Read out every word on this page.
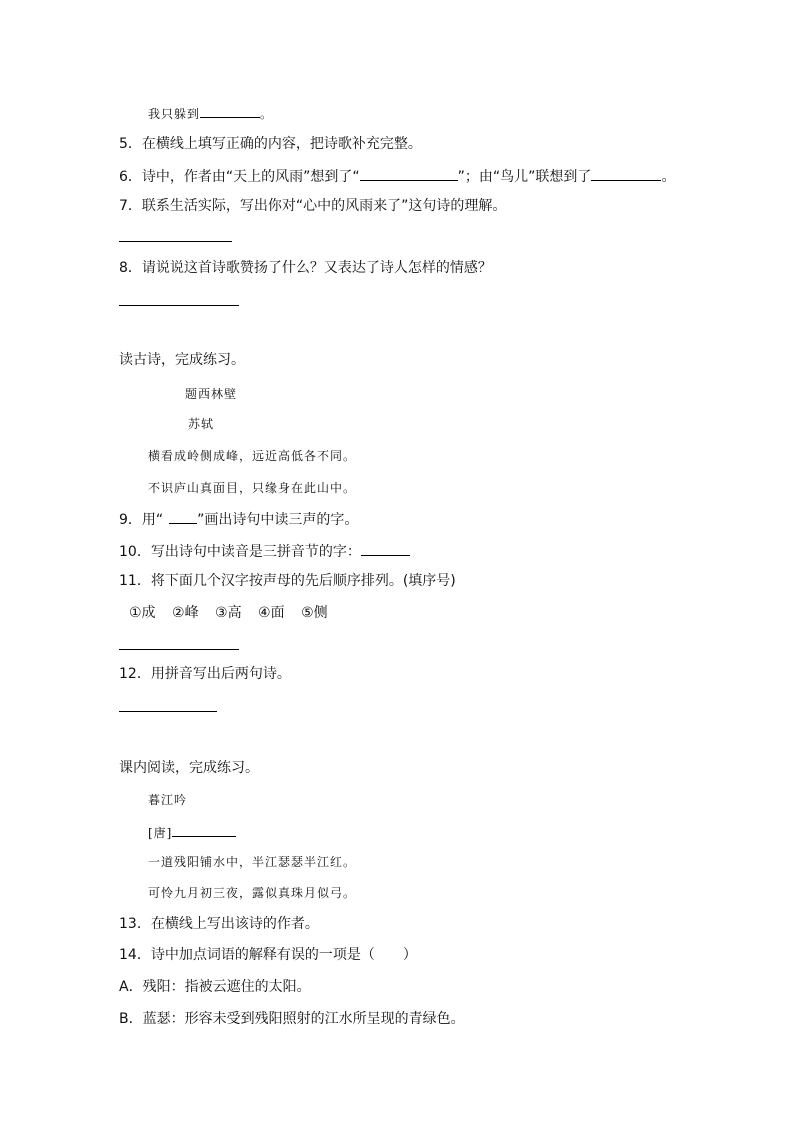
我只躲到	。
5．在横线上填写正确的内容，把诗歌补充完整。
6．诗中，作者由“天上的风雨”想到了“	”；由“鸟儿”联想到了	。
7．联系生活实际，写出你对“心中的风雨来了”这句诗的理解。
8．请说说这首诗歌赞扬了什么？又表达了诗人怎样的情感？
读古诗，完成练习。
题西林壁
苏轼
横看成岭侧成峰，远近高低各不同。
不识庐山真面目，只缘身在此山中。
9．用“ ”画出诗句中读三声的字。
10．写出诗句中读音是三拼音节的字：
11．将下面几个汉字按声母的先后顺序排列。(填序号)
①成 ②峰 ③高 ④面 ⑤侧
12．用拼音写出后两句诗。
课内阅读，完成练习。
暮江吟
[唐]
一道残阳铺水中，半江瑟瑟半江红。
可怜九月初三夜，露似真珠月似弓。
13．在横线上写出该诗的作者。
14．诗中加点词语的解释有误的一项是（　　）
A．残阳：指被云遮住的太阳。
B．蓝瑟：形容未受到残阳照射的江水所呈现的青绿色。
